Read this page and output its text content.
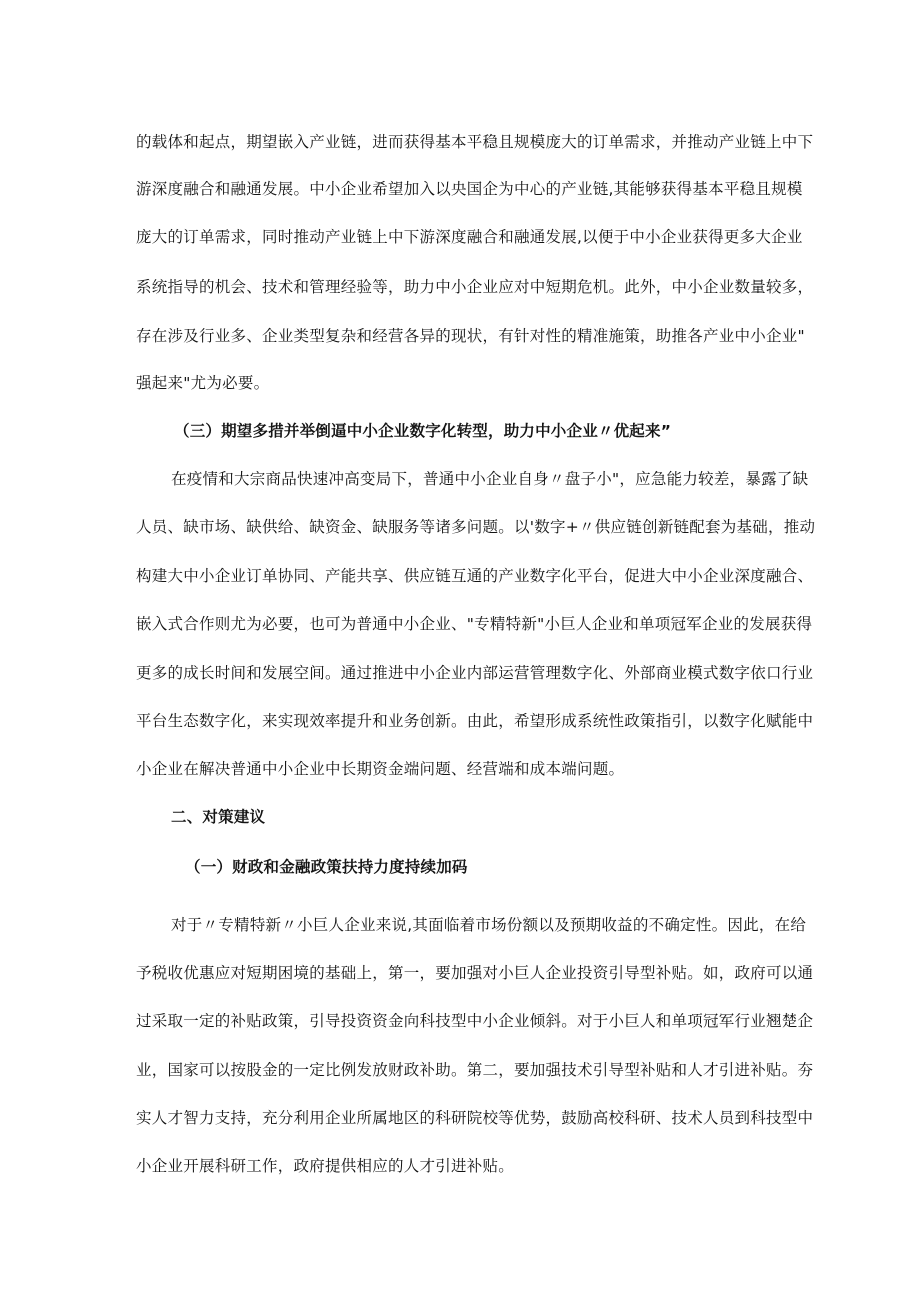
的载体和起点，期望嵌入产业链，进而获得基本平稳且规模庞大的订单需求，并推动产业链上中下
游深度融合和融通发展。中小企业希望加入以央国企为中心的产业链,其能够获得基本平稳且规模
庞大的订单需求，同时推动产业链上中下游深度融合和融通发展,以便于中小企业获得更多大企业
系统指导的机会、技术和管理经验等，助力中小企业应对中短期危机。此外，中小企业数量较多，
存在涉及行业多、企业类型复杂和经营各异的现状，有针对性的精准施策，助推各产业中小企业"
强起来"尤为必要。
（三）期望多措并举倒逼中小企业数字化转型，助力中小企业〃优起来”
在疫情和大宗商品快速冲高变局下，普通中小企业自身〃盘子小"，应急能力较差，暴露了缺
人员、缺市场、缺供给、缺资金、缺服务等诸多问题。以'数字+〃供应链创新链配套为基础，推动
构建大中小企业订单协同、产能共享、供应链互通的产业数字化平台，促进大中小企业深度融合、
嵌入式合作则尤为必要，也可为普通中小企业、"专精特新"小巨人企业和单项冠军企业的发展获得
更多的成长时间和发展空间。通过推进中小企业内部运营管理数字化、外部商业模式数字依口行业
平台生态数字化，来实现效率提升和业务创新。由此，希望形成系统性政策指引，以数字化赋能中
小企业在解决普通中小企业中长期资金端问题、经营端和成本端问题。
二、对策建议
（一）财政和金融政策扶持力度持续加码
对于〃专精特新〃小巨人企业来说,其面临着市场份额以及预期收益的不确定性。因此，在给
予税收优惠应对短期困境的基础上，第一，要加强对小巨人企业投资引导型补贴。如，政府可以通
过采取一定的补贴政策，引导投资资金向科技型中小企业倾斜。对于小巨人和单项冠军行业翘楚企
业，国家可以按股金的一定比例发放财政补助。第二，要加强技术引导型补贴和人才引进补贴。夯
实人才智力支持，充分利用企业所属地区的科研院校等优势，鼓励高校科研、技术人员到科技型中
小企业开展科研工作，政府提供相应的人才引进补贴。
